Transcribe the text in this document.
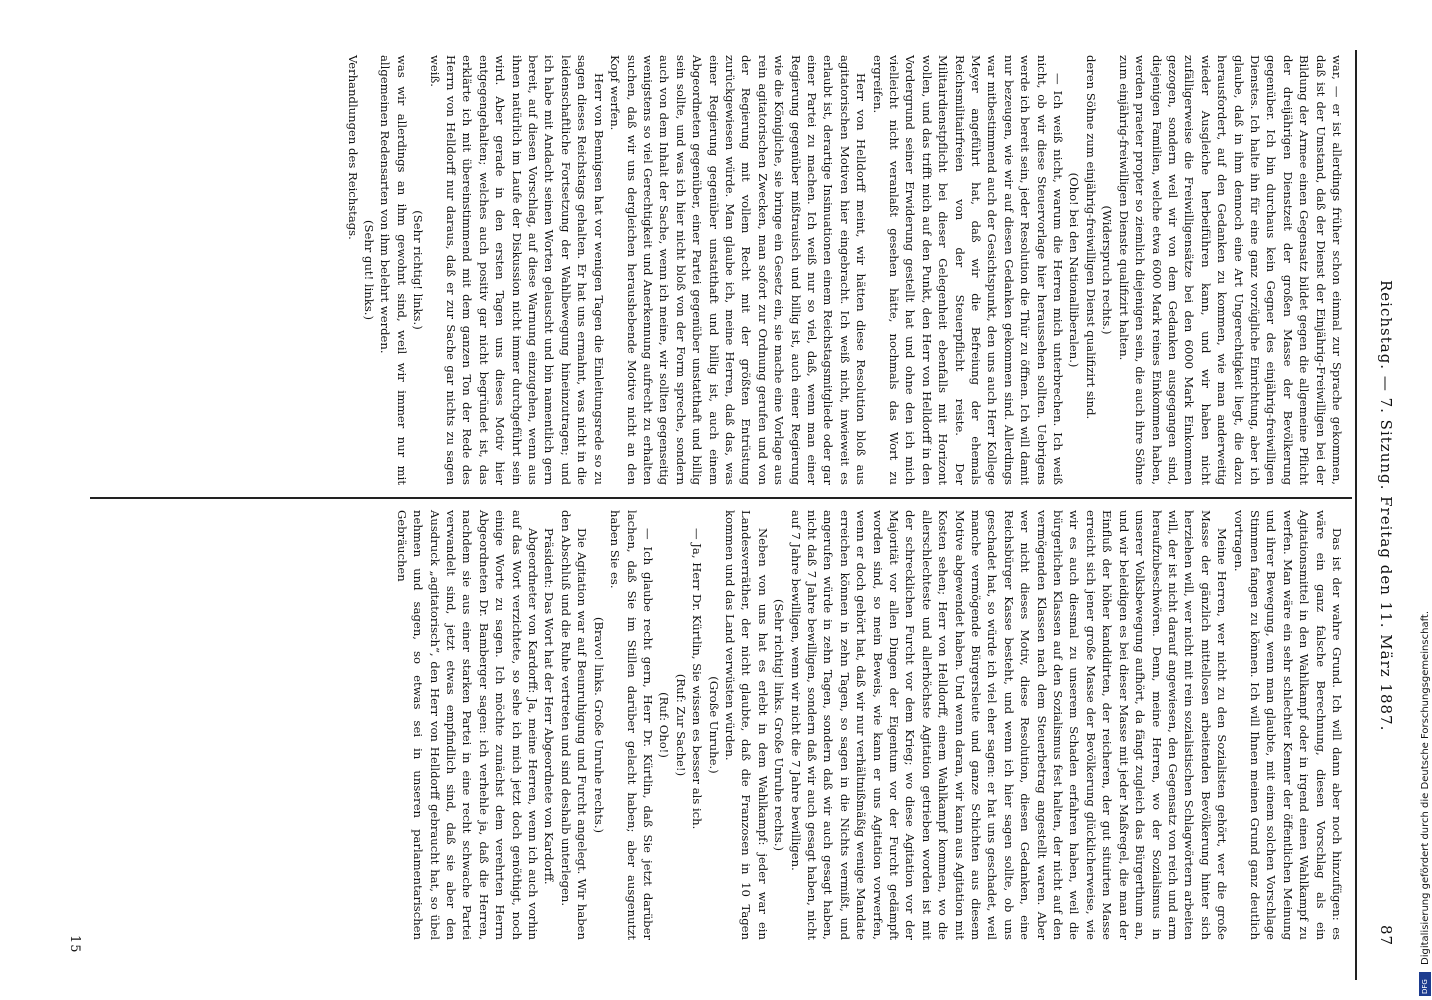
Reichstag. — 7. Sitzung. Freitag den 11. März 1887.
87

war, — er ist allerdings früher schon einmal zur Sprache gekommen, daß ist der Umstand, daß der Dienst der Einjährig-Freiwilligen bei der Bildung der Armee einen Gegensatz bildet gegen die allgemeine Pflicht der dreijährigen Dienstzeit der großen Masse der Bevölkerung gegenüber. Ich bin durchaus kein Gegner des einjährig-freiwilligen Dienstes. Ich halte ihn für eine ganz vorzügliche Einrichtung, aber ich glaube, daß in ihm dennoch eine Art Ungerechtigkeit liegt, die dazu herausfordert, auf den Gedanken zu kommen, wie man anderweitig wieder Ausgleiche herbeiführen kann, und wir haben nicht zufälligerweise die Freiwilligensätze bei den 6000 Mark Einkommen gezogen, sondern weil wir von dem Gedanken ausgegangen sind, diejenigen Familien, welche etwa 6000 Mark reines Einkommen haben, werden praeter propter so ziemlich diejenigen sein, die auch ihre Söhne zum einjährig-freiwilligen Dienste qualifizirt halten.

(Widerspruch rechts.)

deren Söhne zum einjährig-freiwilligen Dienst qualifizirt sind.

(Oho! bei den Nationalliberalen.)

— Ich weiß nicht, warum die Herren mich unterbrechen. Ich weiß nicht, ob wir diese Steuervorlage hier heraussehen sollten. Uebrigens werde ich bereit sein, jeder Resolution die Thür zu öffnen. Ich will damit nur bezeugen, wie wir auf diesen Gedanken gekommen sind. Allerdings war mitbestimmend auch der Gesichtspunkt, den uns auch Herr Kollege Meyer angeführt hat, daß wir die Befreiung der ehemals Reichsmilitairfreien von der Steuerpflicht reiste. Der Militairdienstpflicht bei dieser Gelegenheit ebenfalls mit Horizont wollen, und das trifft mich auf den Punkt, den Herr von Helldorff in den Vordergrund seiner Erwiderung gestellt hat und ohne den ich mich vielleicht nicht veranlaßt gesehen hätte, nochmals das Wort zu ergreifen.

Herr von Helldorff meint, wir hätten diese Resolution bloß aus agitatorischen Motiven hier eingebracht. Ich weiß nicht, inwieweit es erlaubt ist, derartige Insinuationen einem Reichstagsmitgliede oder gar einer Partei zu machen. Ich weiß nur so viel, daß, wenn man einer Regierung gegenüber mißtrauisch und billig ist, auch einer Regierung wie die Königliche, sie bringe ein Gesetz ein, sie mache eine Vorlage aus rein agitatorischen Zwecken, man sofort zur Ordnung gerufen und von der Regierung mit vollem Recht mit der größten Entrüstung zurückgewiesen würde. Man glaube ich, meine Herren, daß das, was einer Regierung gegenüber unstatthaft und billig ist, auch einem Abgeordneten gegenüber, einer Partei gegenüber unstatthaft und billig sein sollte, und was ich hier nicht bloß von der Form spreche, sondern auch von dem Inhalt der Sache, wenn ich meine, wir sollten gegenseitig wenigstens so viel Gerechtigkeit und Anerkennung aufrecht zu erhalten suchen, daß wir uns dergleichen heraushebende Motive nicht an den Kopf werfen.

Herr von Bennigsen hat vor wenigen Tagen die Einleitungsrede so zu sagen dieses Reichstags gehalten. Er hat uns ermahnt, was nicht in die leidenschaftliche Fortsetzung der Wahlbewegung hineinzutragen; und ich habe mit Andacht seinen Worten gelauscht und bin namentlich gern bereit, auf diesen Vorschlag, auf diese Warnung einzugehen, wenn aus ihnen natürlich im Laufe der Diskussion nicht immer durchgeführt sein wird. Aber gerade in den ersten Tagen uns dieses Motiv hier entgegengehalten; welches auch positiv gar nicht begründet ist, das erklärte ich mit übereinstimmend mit dem ganzen Ton der Rede des Herrn von Helldorff nur daraus, daß er zur Sache gar nichts zu sagen weiß.

(Sehr richtig! links.)

was wir allerdings an ihm gewohnt sind, weil wir immer nur mit allgemeinen Redensarten von ihm belehrt werden.

(Sehr gut! links.)

Verhandlungen des Reichstags.

Das ist der wahre Grund. Ich will dann aber noch hinzufügen: es wäre ein ganz falsche Berechnung, diesen Vorschlag als ein Agitationsmittel in den Wahlkampf oder in irgend einen Wahlkampf zu werfen. Man wäre ein sehr schlechter Kenner der öffentlichen Meinung und ihrer Bewegung, wenn man glaubte, mit einem solchen Vorschlage Stimmen fangen zu können. Ich will Ihnen meinen Grund ganz deutlich vortragen.

Meine Herren, wer nicht zu den Sozialisten gehört, wer die große Masse der gänzlich mittellosen arbeitenden Bevölkerung hinter sich herziehen will, wer nicht mit rein sozialistischen Schlagwörtern arbeiten will, der ist nicht darauf angewiesen, den Gegensatz von reich und arm heraufzubeschwören. Denn, meine Herren, wo der Sozialismus in unserer Volksbewegung aufhört, da fängt zugleich das Bürgerthum an, und wir beleidigen es bei dieser Masse mit jeder Maßregel, die man der Einfluß der höher kandidirten, der reicheren, der gut situirten Masse erreicht sich jener große Masse der Bevölkerung glücklicherweise, wie wir es auch diesmal zu unserem Schaden erfahren haben, weil die bürgerlichen Klassen auf den Sozialismus fest halten, der nicht auf den vermögenden Klassen nach dem Steuerbetrag angestellt waren. Aber wer nicht dieses Motiv, diese Resolution, diesen Gedanken, eine Reichsbürger Kasse besteht, und wenn ich hier sagen sollte, ob uns geschadet hat, so würde ich viel eher sagen: er hat uns geschadet, weil manche vermögende Bürgersleute und ganze Schichten aus diesem Motive abgewendet haben. Und wenn daran, wir kann aus Agitation mit Kosten sehen; Herr von Helldorff, einem Wahlkampf kommen, wo die allerschlechteste und allerhöchste Agitation getrieben worden ist mit der schrecklichen Furcht vor dem Krieg; wo diese Agitation vor der Majorität vor allen Dingen der Eigentum vor der Furcht gedämpft worden sind, so mein Beweis, wie kann er uns Agitation vorwerfen, wenn er doch gehört hat, daß wir nur verhältnißmäßig wenige Mandate erreichen können in zehn Tagen, so sagen in die Nichts vermißt, und angerufen würde in zehn Tagen, sondern daß wir auch gesagt haben, nicht daß 7 Jahre bewilligen, sondern daß wir auch gesagt haben, nicht auf 7 Jahre bewilligen, wenn wir nicht die 7 Jahre bewilligen.

(Sehr richtig! links. Große Unruhe rechts.)

Neben von uns hat es erlebt in dem Wahlkampf: jeder war ein Landesverräther, der nicht glaubte, daß die Franzosen in 10 Tagen kommen und das Land verwüsten würden.

(Große Unruhe.)

— Ja, Herr Dr. Kürtlin, Sie wissen es besser als ich.

(Ruf: Zur Sache!)

(Ruf: Oho!)

— Ich glaube recht gern, Herr Dr. Kürtlin, daß Sie jetzt darüber lachen, daß Sie im Stillen darüber gelacht haben; aber ausgenutzt haben Sie es.

(Bravo! links. Große Unruhe rechts.)

Die Agitation war auf Beunruhigung und Furcht angelegt. Wir haben den Abschluß und die Ruhe vertreten und sind deshalb unterlegen.

Präsident: Das Wort hat der Herr Abgeordnete von Kardorff.

Abgeordneter von Kardorff: Ja, meine Herren, wenn ich auch vorhin auf das Wort verzichtete, so sehe ich mich jetzt doch genöthigt, noch einige Worte zu sagen. Ich möchte zunächst dem verehrten Herrn Abgeordneten Dr. Bamberger sagen: ich verhehle ja, daß die Herren, nachdem sie aus einer starken Partei in eine recht schwache Partei verwandelt sind, jetzt etwas empfindlich sind, daß sie aber den Ausdruck „agitatorisch“, den Herr von Helldorff gebraucht hat, so übel nehmen und sagen, so etwas sei in unseren parlamentarischen Gebräuchen

15	Digitalisierung gefördert durch die Deutsche Forschungsgemeinschaft.
DFG
